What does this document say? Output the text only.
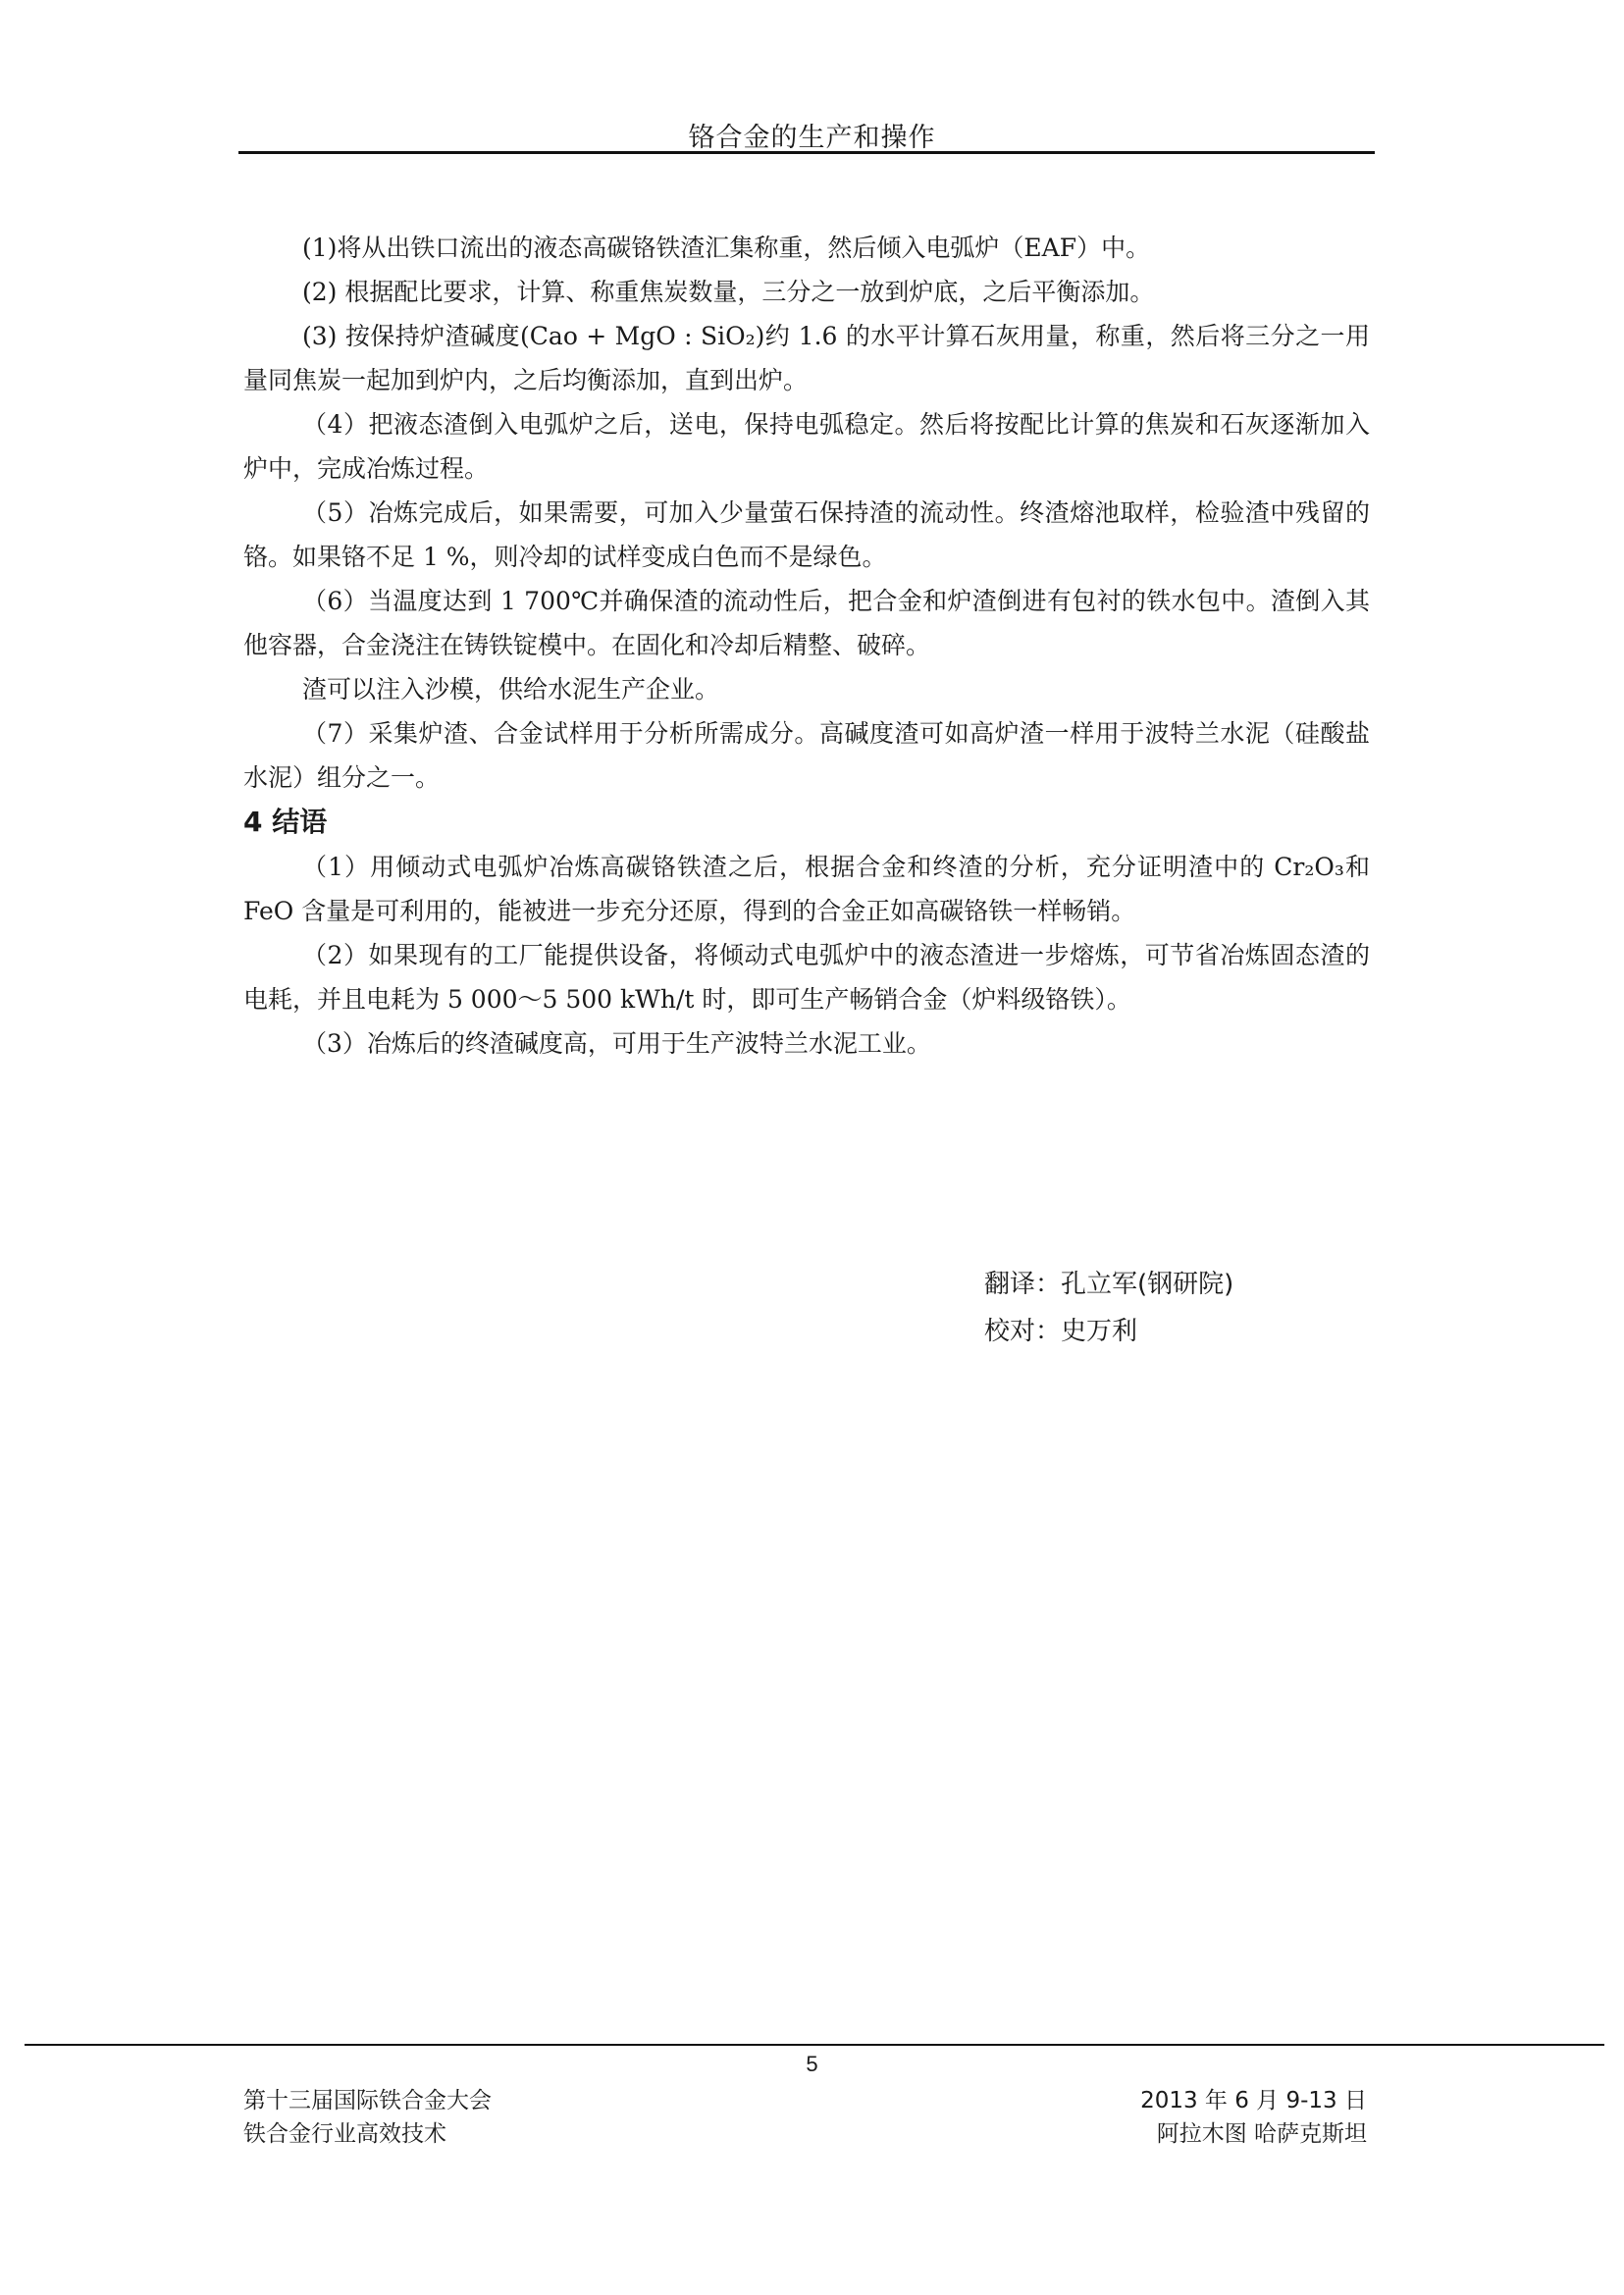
铬合金的生产和操作

(1)将从出铁口流出的液态高碳铬铁渣汇集称重，然后倾入电弧炉（EAF）中。

(2) 根据配比要求，计算、称重焦炭数量，三分之一放到炉底，之后平衡添加。

(3) 按保持炉渣碱度(Cao + MgO : SiO₂)约 1.6 的水平计算石灰用量，称重，然后将三分之一用量同焦炭一起加到炉内，之后均衡添加，直到出炉。

（4）把液态渣倒入电弧炉之后，送电，保持电弧稳定。然后将按配比计算的焦炭和石灰逐渐加入炉中，完成冶炼过程。

（5）冶炼完成后，如果需要，可加入少量萤石保持渣的流动性。终渣熔池取样，检验渣中残留的铬。如果铬不足 1 %，则冷却的试样变成白色而不是绿色。

（6）当温度达到 1 700℃并确保渣的流动性后，把合金和炉渣倒进有包衬的铁水包中。渣倒入其他容器，合金浇注在铸铁锭模中。在固化和冷却后精整、破碎。

渣可以注入沙模，供给水泥生产企业。

（7）采集炉渣、合金试样用于分析所需成分。高碱度渣可如高炉渣一样用于波特兰水泥（硅酸盐水泥）组分之一。

4 结语

（1）用倾动式电弧炉冶炼高碳铬铁渣之后，根据合金和终渣的分析，充分证明渣中的 Cr₂O₃和 FeO 含量是可利用的，能被进一步充分还原，得到的合金正如高碳铬铁一样畅销。

（2）如果现有的工厂能提供设备，将倾动式电弧炉中的液态渣进一步熔炼，可节省冶炼固态渣的电耗，并且电耗为 5 000～5 500 kWh/t 时，即可生产畅销合金（炉料级铬铁）。

（3）冶炼后的终渣碱度高，可用于生产波特兰水泥工业。

翻译：孔立军(钢研院)
校对：史万利
5
第十三届国际铁合金大会
铁合金行业高效技术
2013 年 6 月 9-13 日
阿拉木图 哈萨克斯坦
